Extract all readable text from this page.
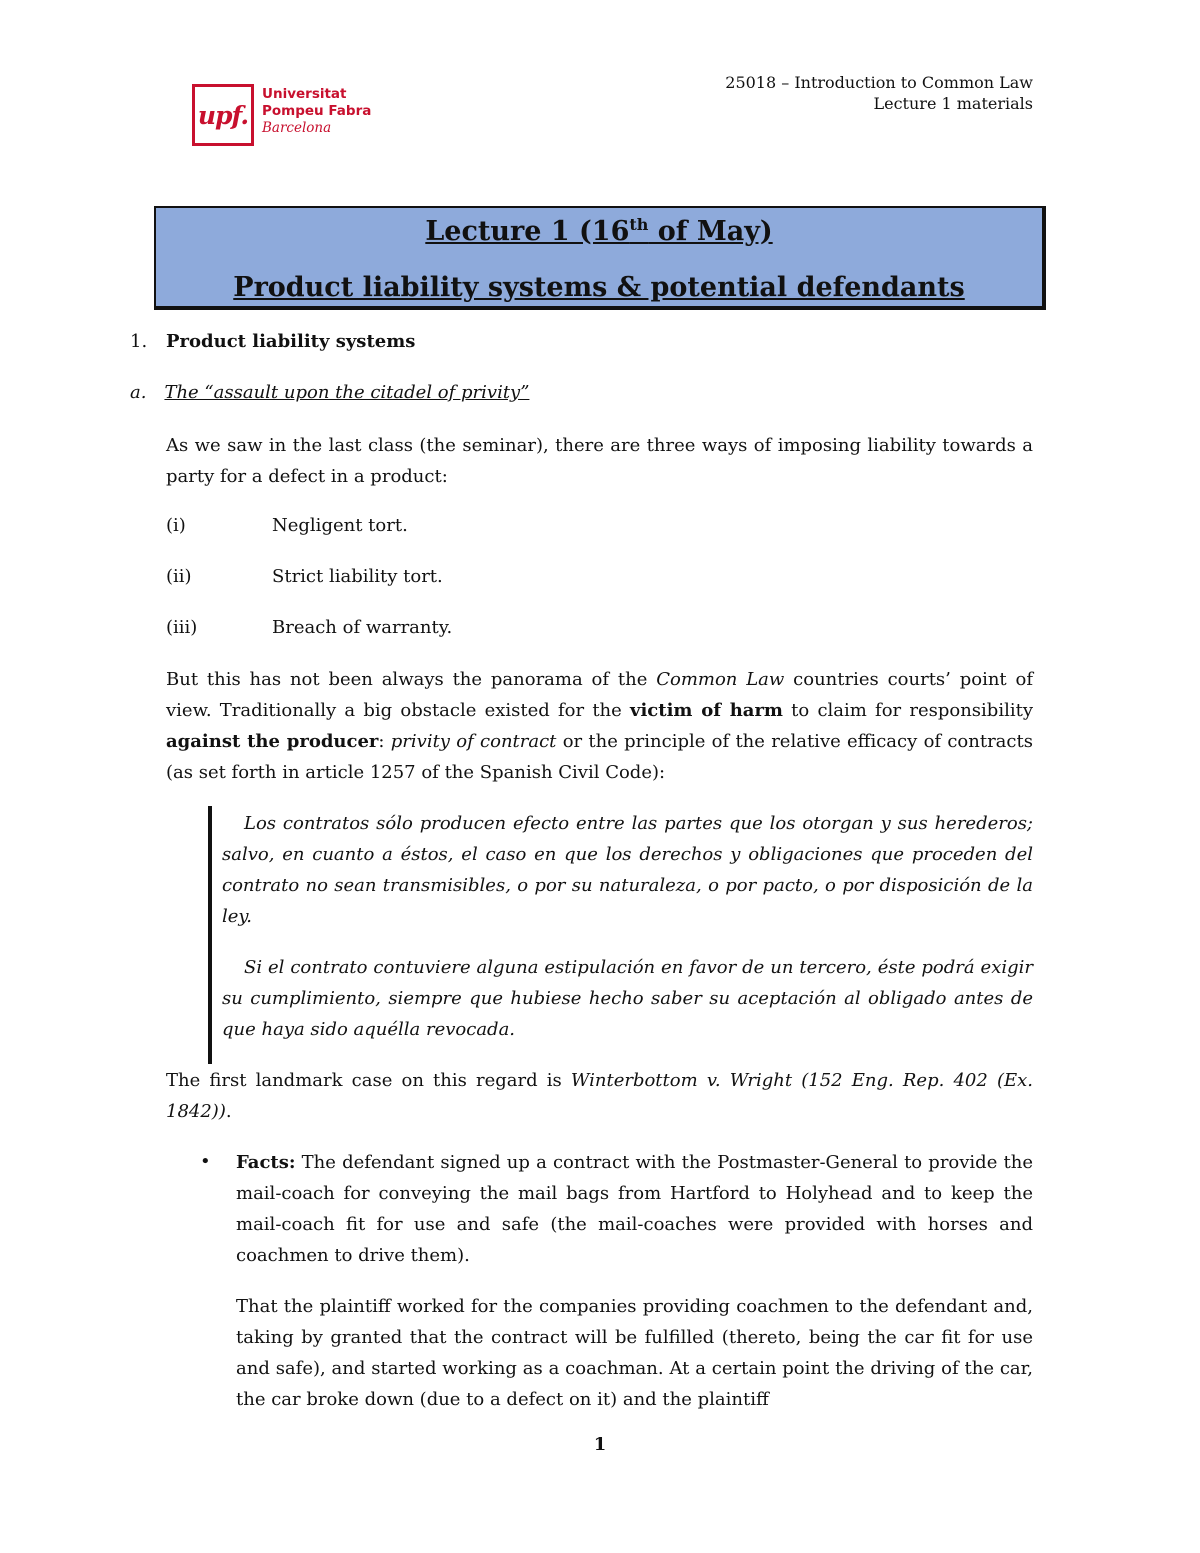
upf.
Universitat
Pompeu Fabra
Barcelona
25018 – Introduction to Common Law
Lecture 1 materials
Lecture 1 (16th of May)
Product liability systems & potential defendants
1. Product liability systems
a. The “assault upon the citadel of privity”
As we saw in the last class (the seminar), there are three ways of imposing liability towards a party for a defect in a product:
(i)	Negligent tort.
(ii)	Strict liability tort.
(iii)	Breach of warranty.
But this has not been always the panorama of the Common Law countries courts’ point of view. Traditionally a big obstacle existed for the victim of harm to claim for responsibility against the producer: privity of contract or the principle of the relative efficacy of contracts (as set forth in article 1257 of the Spanish Civil Code):
Los contratos sólo producen efecto entre las partes que los otorgan y sus herederos; salvo, en cuanto a éstos, el caso en que los derechos y obligaciones que proceden del contrato no sean transmisibles, o por su naturaleza, o por pacto, o por disposición de la ley.
Si el contrato contuviere alguna estipulación en favor de un tercero, éste podrá exigir su cumplimiento, siempre que hubiese hecho saber su aceptación al obligado antes de que haya sido aquélla revocada.
The first landmark case on this regard is Winterbottom v. Wright (152 Eng. Rep. 402 (Ex. 1842)).
• Facts: The defendant signed up a contract with the Postmaster-General to provide the mail-coach for conveying the mail bags from Hartford to Holyhead and to keep the mail-coach fit for use and safe (the mail-coaches were provided with horses and coachmen to drive them).
That the plaintiff worked for the companies providing coachmen to the defendant and, taking by granted that the contract will be fulfilled (thereto, being the car fit for use and safe), and started working as a coachman. At a certain point the driving of the car, the car broke down (due to a defect on it) and the plaintiff
1
